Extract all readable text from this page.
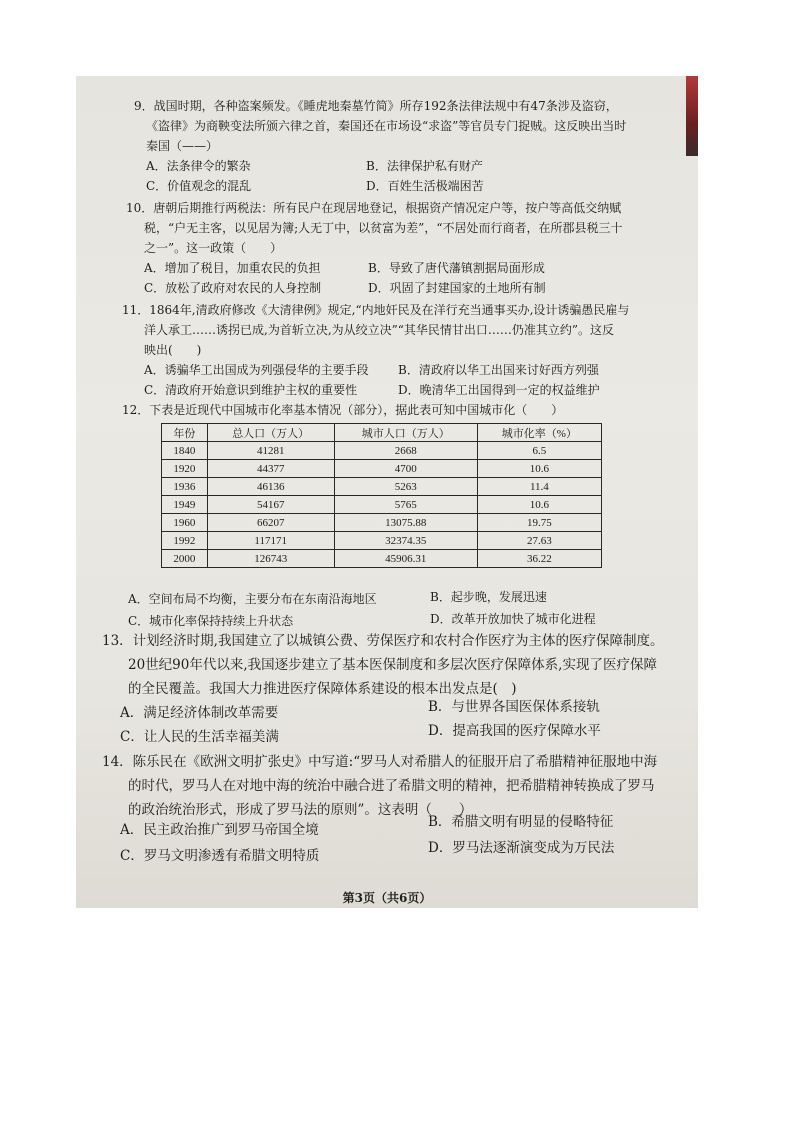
9．战国时期，各种盗案频发。《睡虎地秦墓竹简》所存192条法律法规中有47条涉及盗窃，
《盗律》为商鞅变法所颁六律之首，秦国还在市场设“求盗”等官员专门捉贼。这反映出当时
秦国（——）
A．法条律令的繁杂	B．法律保护私有财产
C．价值观念的混乱	D．百姓生活极端困苦
10．唐朝后期推行两税法：所有民户在现居地登记，根据资产情况定户等，按户等高低交纳赋
税，“户无主客，以见居为簿;人无丁中，以贫富为差”，“不居处而行商者，在所郡县税三十
之一”。这一政策（　　）
A．增加了税目，加重农民的负担	B．导致了唐代藩镇割据局面形成
C．放松了政府对农民的人身控制	D．巩固了封建国家的土地所有制
11．1864年,清政府修改《大清律例》规定,“内地奸民及在洋行充当通事买办,设计诱骗愚民雇与
洋人承工……诱拐已成,为首斩立决,为从绞立决”“其华民情甘出口……仍准其立约”。这反
映出(　　)
A．诱骗华工出国成为列强侵华的主要手段 B．清政府以华工出国来讨好西方列强
C．清政府开始意识到维护主权的重要性	D．晚清华工出国得到一定的权益维护
12．下表是近现代中国城市化率基本情况（部分），据此表可知中国城市化（　　）
年份	总人口（万人）	城市人口（万人）	城市化率（%）
1840	41281	2668	6.5
1920	44377	4700	10.6
1936	46136	5263	11.4
1949	54167	5765	10.6
1960	66207	13075.88	19.75
1992	117171	32374.35	27.63
2000	126743	45906.31	36.22
A．空间布局不均衡，主要分布在东南沿海地区	B．起步晚，发展迅速
C．城市化率保持持续上升状态	D．改革开放加快了城市化进程
13．计划经济时期,我国建立了以城镇公费、劳保医疗和农村合作医疗为主体的医疗保障制度。
20世纪90年代以来,我国逐步建立了基本医保制度和多层次医疗保障体系,实现了医疗保障
的全民覆盖。我国大力推进医疗保障体系建设的根本出发点是(　)
A．满足经济体制改革需要	B．与世界各国医保体系接轨
C．让人民的生活幸福美满	D．提高我国的医疗保障水平
14．陈乐民在《欧洲文明扩张史》中写道:“罗马人对希腊人的征服开启了希腊精神征服地中海
的时代，罗马人在对地中海的统治中融合进了希腊文明的精神，把希腊精神转换成了罗马
的政治统治形式，形成了罗马法的原则”。这表明（　　）
A．民主政治推广到罗马帝国全境	B．希腊文明有明显的侵略特征
C．罗马文明渗透有希腊文明特质	D．罗马法逐渐演变成为万民法
第3页（共6页）
